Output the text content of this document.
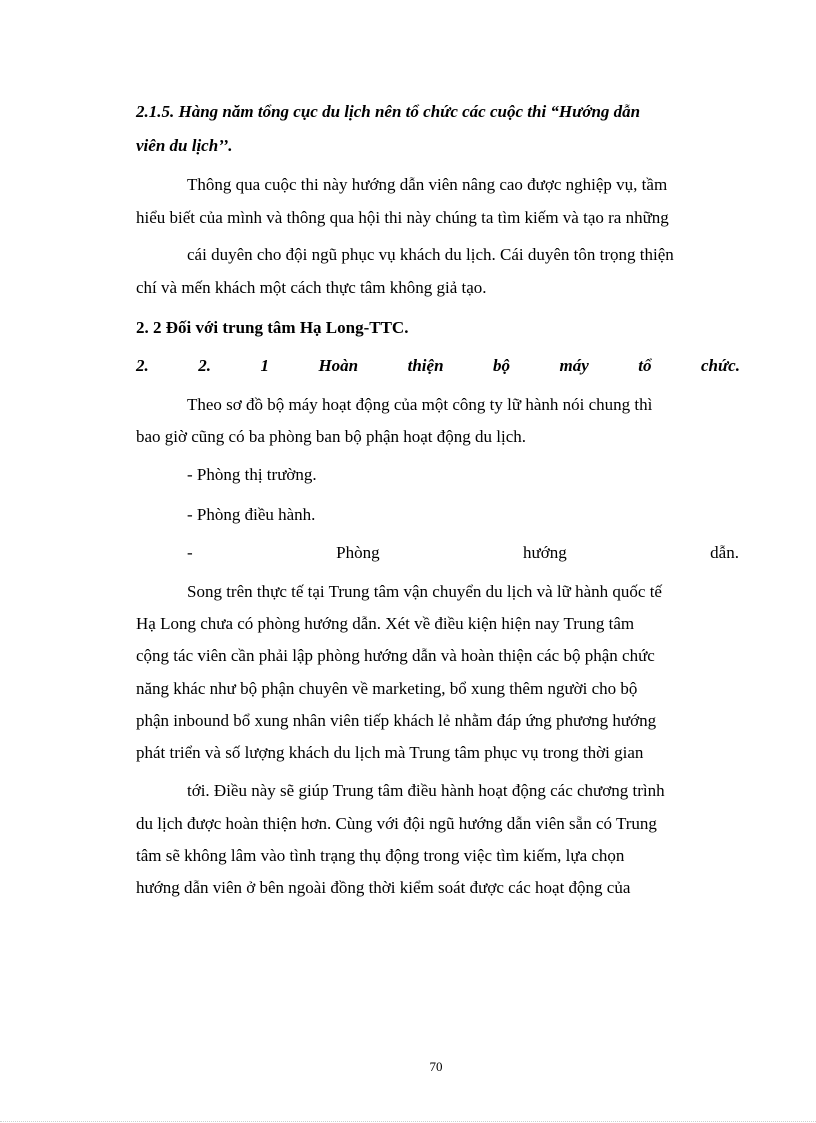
2.1.5. Hàng năm tổng cục du lịch nên tổ chức các cuộc thi “Hướng dẫn
viên du lịch’’.
Thông qua cuộc thi này hướng dẫn viên nâng cao được nghiệp vụ, tầm
hiểu biết của mình và thông qua hội thi này chúng ta tìm kiếm và tạo ra những
cái duyên cho đội ngũ phục vụ khách du lịch. Cái duyên tôn trọng thiện
chí và mến khách một cách thực tâm không giả tạo.
2. 2 Đối với trung tâm Hạ Long-TTC.
2.	2.	1	Hoàn	thiện	bộ	máy	tổ	chức.
Theo sơ đồ bộ máy hoạt động của một công ty lữ hành nói chung thì
bao giờ cũng có ba phòng ban bộ phận hoạt động du lịch.
- Phòng thị trường.
- Phòng điều hành.
-	Phòng	hướng	dẫn.
Song trên thực tế tại Trung tâm vận chuyển du lịch và lữ hành quốc tế
Hạ Long chưa có phòng hướng dẫn. Xét về điều kiện hiện nay Trung tâm
cộng tác viên cần phải lập phòng hướng dẫn và hoàn thiện các bộ phận chức
năng khác như bộ phận chuyên về marketing, bổ xung thêm người cho bộ
phận inbound bổ xung nhân viên tiếp khách lẻ nhằm đáp ứng phương hướng
phát triển và số lượng khách du lịch mà Trung tâm phục vụ trong thời gian
tới. Điều này sẽ giúp Trung tâm điều hành hoạt động các chương trình
du lịch được hoàn thiện hơn. Cùng với đội ngũ hướng dẫn viên sẵn có Trung
tâm sẽ không lâm vào tình trạng thụ động trong việc tìm kiếm, lựa chọn
hướng dẫn viên ở bên ngoài đồng thời kiểm soát được các hoạt động của
70
